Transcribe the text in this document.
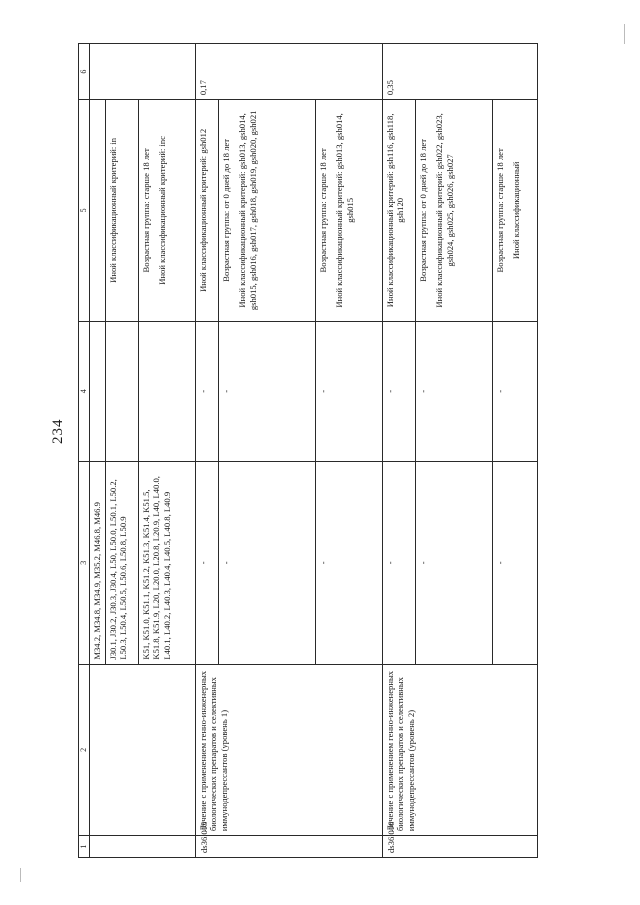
234
1	2	3	4	5	6
		M34.2, M34.8, M34.9, M35.2, M46.8, M46.9			
		J30.1, J30.2, J30.3, J30.4, L50, L50.0, L50.1, L50.2, L50.3, L50.4, L50.5, L50.6, L50.8, L50.9		Иной классификационный критерий: in	
		K51, K51.0, K51.1, K51.2, K51.3, K51.4, K51.5, K51.8, K51.9, L20, L20.0, L20.8, L20.9, L40, L40.0, L40.1, L40.2, L40.3, L40.4, L40.5, L40.8, L40.9		Возрастная группа: старше 18 лет Иной классификационный критерий: inc	

ds36.015	Лечение с применением генно-инженерных биологических препаратов и селективных иммунодепрессантов (уровень 1)	-	-	Иной классификационный критерий: gsh012	0,17
		-	-	Возрастная группа: от 0 дней до 18 лет Иной классификационный критерий: gsh013, gsh014, gsh015, gsh016, gsh017, gsh018, gsh019, gsh020, gsh021	

		-	-	Возрастная группа: старше 18 лет Иной классификационный критерий: gsh013, gsh014, gsh015	

ds36.016	Лечение с применением генно-инженерных биологических препаратов и селективных иммунодепрессантов (уровень 2)	-	-	Иной классификационный критерий: gsh116, gsh118, gsh120	0,35
		-	-	Возрастная группа: от 0 дней до 18 лет Иной классификационный критерий: gsh022, gsh023, gsh024, gsh025, gsh026, gsh027	

		-	-	Возрастная группа: старше 18 лет Иной классификационный	
